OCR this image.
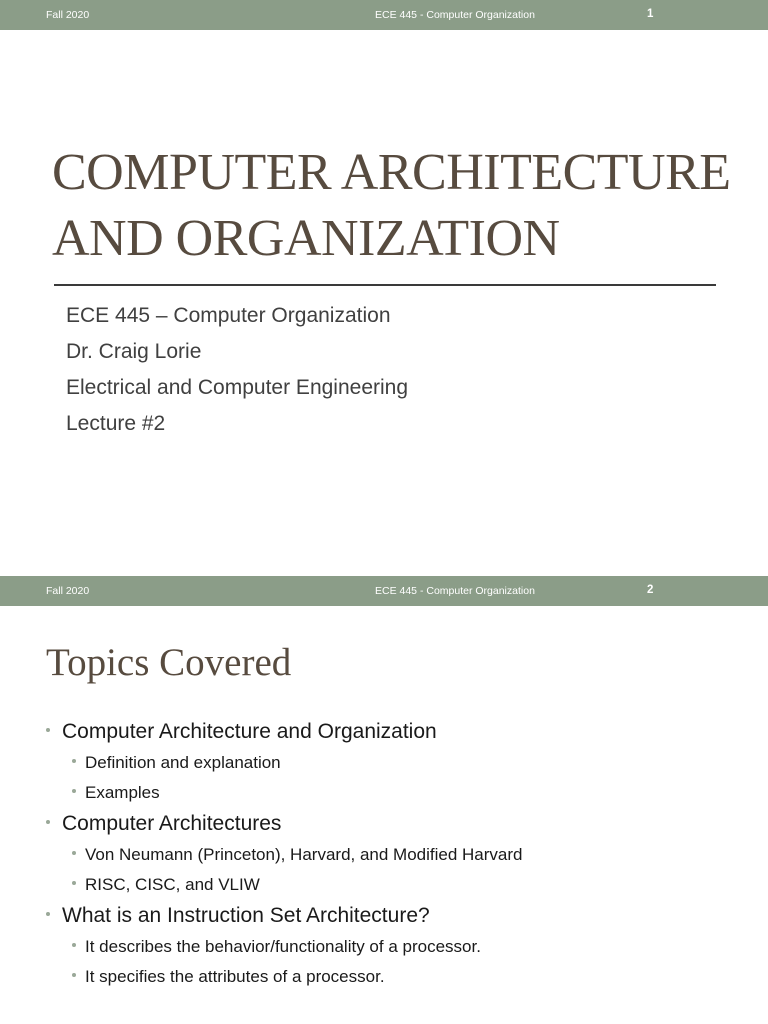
Fall 2020	ECE 445 - Computer Organization	1
COMPUTER ARCHITECTURE
AND ORGANIZATION
ECE 445 – Computer Organization
Dr. Craig Lorie
Electrical and Computer Engineering
Lecture #2
Fall 2020	ECE 445 - Computer Organization	2
Topics Covered
Computer Architecture and Organization
Definition and explanation
Examples
Computer Architectures
Von Neumann (Princeton), Harvard, and Modified Harvard
RISC, CISC, and VLIW
What is an Instruction Set Architecture?
It describes the behavior/functionality of a processor.
It specifies the attributes of a processor.
